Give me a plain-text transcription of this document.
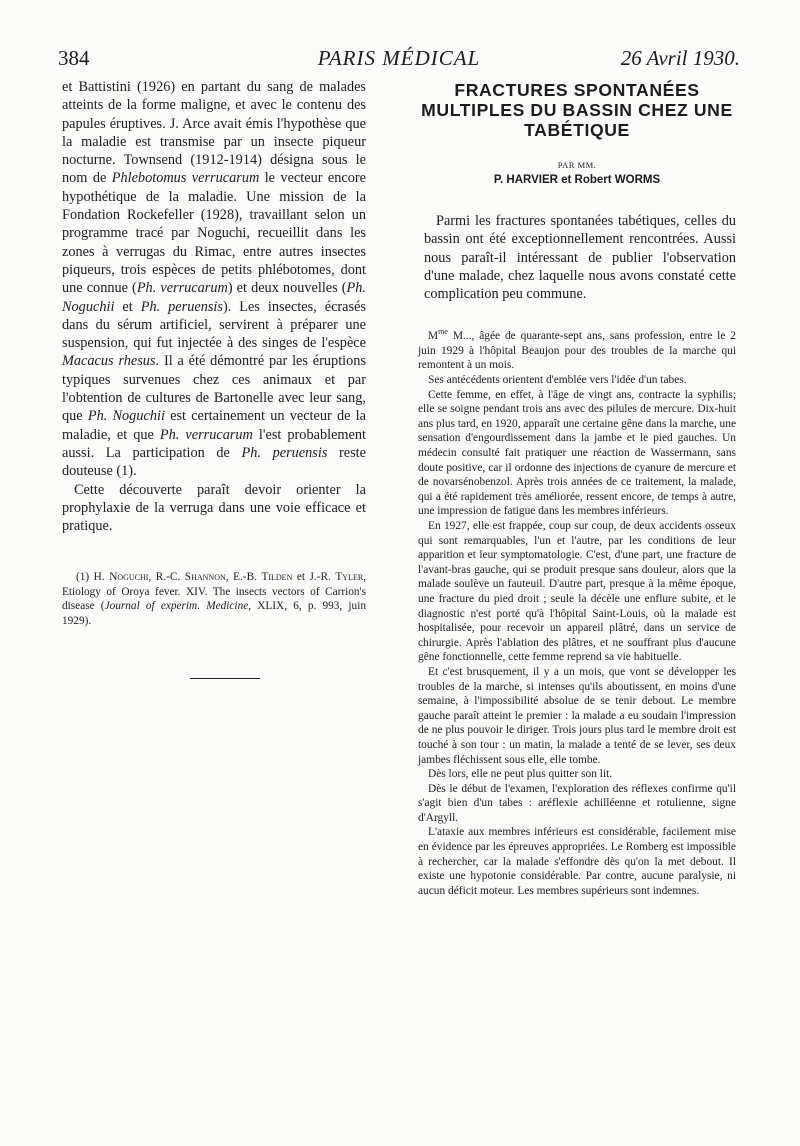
384	PARIS MÉDICAL	26 Avril 1930.

et Battistini (1926) en partant du sang de malades atteints de la forme maligne, et avec le contenu des papules éruptives. J. Arce avait émis l'hypothèse que la maladie est transmise par un insecte piqueur nocturne. Townsend (1912-1914) désigna sous le nom de Phlebotomus verrucarum le vecteur encore hypothétique de la maladie. Une mission de la Fondation Rockefeller (1928), travaillant selon un programme tracé par Noguchi, recueillit dans les zones à verrugas du Rimac, entre autres insectes piqueurs, trois espèces de petits phlébotomes, dont une connue (Ph. verrucarum) et deux nouvelles (Ph. Noguchii et Ph. peruensis). Les insectes, écrasés dans du sérum artificiel, servirent à préparer une suspension, qui fut injectée à des singes de l'espèce Macacus rhesus. Il a été démontré par les éruptions typiques survenues chez ces animaux et par l'obtention de cultures de Bartonelle avec leur sang, que Ph. Noguchii est certainement un vecteur de la maladie, et que Ph. verrucarum l'est probablement aussi. La participation de Ph. peruensis reste douteuse (1).

Cette découverte paraît devoir orienter la prophylaxie de la verruga dans une voie efficace et pratique.

(1) H. Noguchi, R.-C. Shannon, E.-B. Tilden et J.-R. Tyler, Etiology of Oroya fever. XIV. The insects vectors of Carrion's disease (Journal of experim. Medicine, XLIX, 6, p. 993, juin 1929).

FRACTURES SPONTANÉES MULTIPLES DU BASSIN CHEZ UNE TABÉTIQUE
PAR MM.
P. HARVIER et Robert WORMS

Parmi les fractures spontanées tabétiques, celles du bassin ont été exceptionnellement rencontrées. Aussi nous paraît-il intéressant de publier l'observation d'une malade, chez laquelle nous avons constaté cette complication peu commune.

$M^{me}$ M..., âgée de quarante-sept ans, sans profession, entre le 2 juin 1929 à l'hôpital Beaujon pour des troubles de la marche qui remontent à un mois.

Ses antécédents orientent d'emblée vers l'idée d'un tabes.

Cette femme, en effet, à l'âge de vingt ans, contracte la syphilis; elle se soigne pendant trois ans avec des pilules de mercure. Dix-huit ans plus tard, en 1920, apparaît une certaine gêne dans la marche, une sensation d'engourdissement dans la jambe et le pied gauches. Un médecin consulté fait pratiquer une réaction de Wassermann, sans doute positive, car il ordonne des injections de cyanure de mercure et de novarsénobenzol. Après trois années de ce traitement, la malade, qui a été rapidement très améliorée, ressent encore, de temps à autre, une impression de fatigue dans les membres inférieurs.

En 1927, elle est frappée, coup sur coup, de deux accidents osseux qui sont remarquables, l'un et l'autre, par les conditions de leur apparition et leur symptomatologie. C'est, d'une part, une fracture de l'avant-bras gauche, qui se produit presque sans douleur, alors que la malade soulève un fauteuil. D'autre part, presque à la même époque, une fracture du pied droit ; seule la décèle une enflure subite, et le diagnostic n'est porté qu'à l'hôpital Saint-Louis, où la malade est hospitalisée, pour recevoir un appareil plâtré, dans un service de chirurgie. Après l'ablation des plâtres, et ne souffrant plus d'aucune gêne fonctionnelle, cette femme reprend sa vie habituelle.

Et c'est brusquement, il y a un mois, que vont se développer les troubles de la marche, si intenses qu'ils aboutissent, en moins d'une semaine, à l'impossibilité absolue de se tenir debout. Le membre gauche paraît atteint le premier : la malade a eu soudain l'impression de ne plus pouvoir le diriger. Trois jours plus tard le membre droit est touché à son tour : un matin, la malade a tenté de se lever, ses deux jambes fléchissent sous elle, elle tombe.

Dès lors, elle ne peut plus quitter son lit.

Dès le début de l'examen, l'exploration des réflexes confirme qu'il s'agit bien d'un tabes : aréflexie achilléenne et rotulienne, signe d'Argyll.

L'ataxie aux membres inférieurs est considérable, facilement mise en évidence par les épreuves appropriées. Le Romberg est impossible à rechercher, car la malade s'effondre dès qu'on la met debout. Il existe une hypotonie considérable. Par contre, aucune paralysie, ni aucun déficit moteur. Les membres supérieurs sont indemnes.
